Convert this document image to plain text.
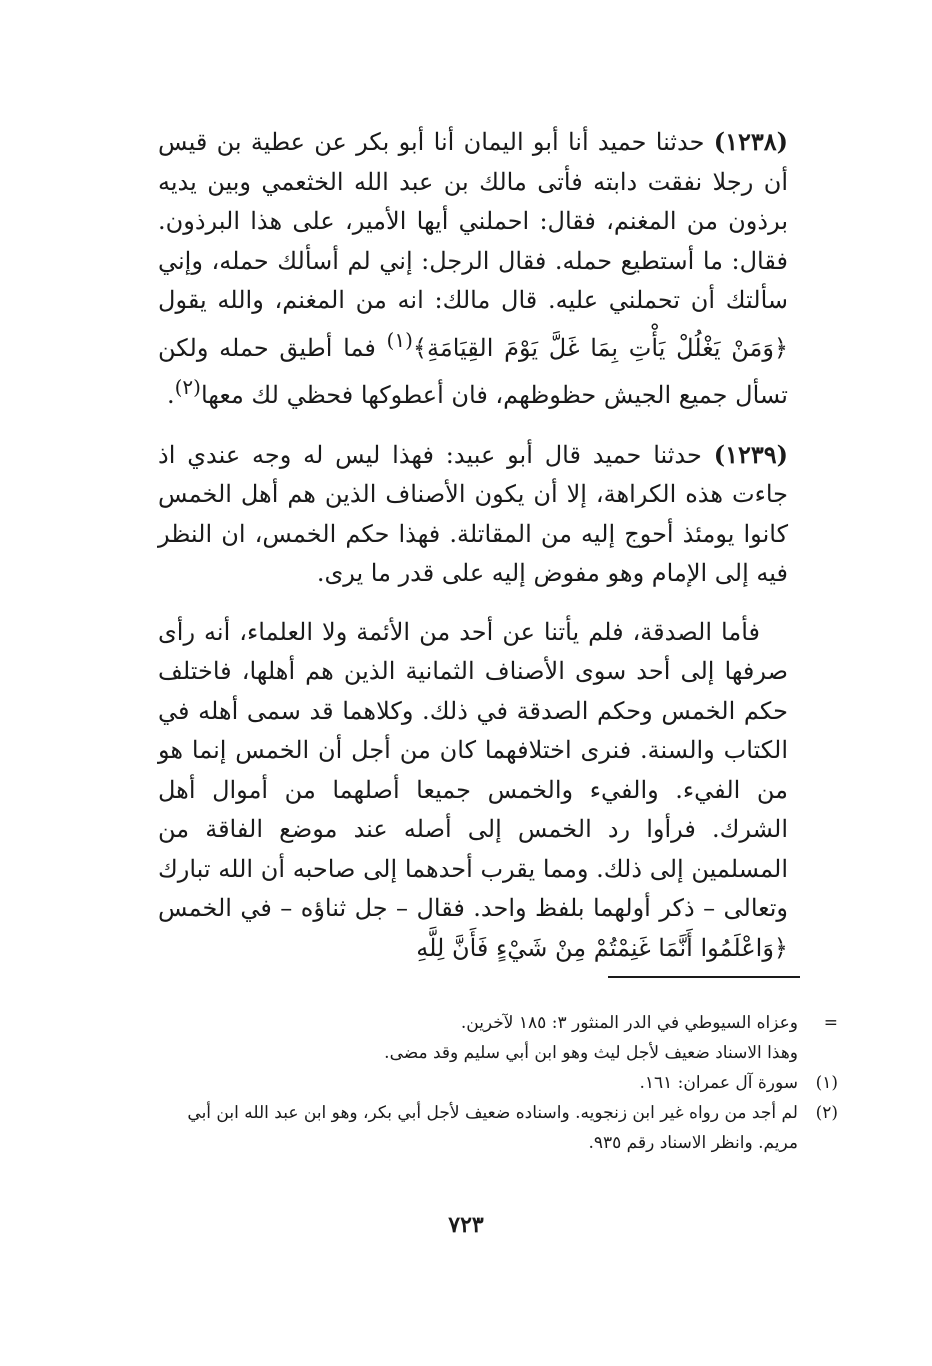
(١٢٣٨) حدثنا حميد أنا أبو اليمان أنا أبو بكر عن عطية بن قيس أن رجلا نفقت دابته فأتى مالك بن عبد الله الخثعمي وبين يديه برذون من المغنم، فقال: احملني أيها الأمير، على هذا البرذون. فقال: ما أستطيع حمله. فقال الرجل: إني لم أسألك حمله، وإني سألتك أن تحملني عليه. قال مالك: انه من المغنم، والله يقول ﴿وَمَنْ يَغْلُلْ يَأْتِ بِمَا غَلَّ يَوْمَ القِيَامَةِ﴾$^{(١)}$ فما أطيق حمله ولكن تسأل جميع الجيش حظوظهم، فان أعطوكها فحظي لك معها$^{(٢)}$.

(١٢٣٩) حدثنا حميد قال أبو عبيد: فهذا ليس له وجه عندي اذ جاءت هذه الكراهة، إلا أن يكون الأصناف الذين هم أهل الخمس كانوا يومئذ أحوج إليه من المقاتلة. فهذا حكم الخمس، ان النظر فيه إلى الإمام وهو مفوض إليه على قدر ما يرى.

فأما الصدقة، فلم يأتنا عن أحد من الأئمة ولا العلماء، أنه رأى صرفها إلى أحد سوى الأصناف الثمانية الذين هم أهلها، فاختلف حكم الخمس وحكم الصدقة في ذلك. وكلاهما قد سمى أهله في الكتاب والسنة. فنرى اختلافهما كان من أجل أن الخمس إنما هو من الفيء. والفيء والخمس جميعا أصلهما من أموال أهل الشرك. فرأوا رد الخمس إلى أصله عند موضع الفاقة من المسلمين إلى ذلك. ومما يقرب أحدهما إلى صاحبه أن الله تبارك وتعالى – ذكر أولهما بلفظ واحد. فقال – جل ثناؤه – في الخمس ﴿وَاعْلَمُوا أَنَّمَا غَنِمْتُمْ مِنْ شَيْءٍ فَأَنَّ لِلَّهِ

=
وعزاه السيوطي في الدر المنثور ٣: ١٨٥ لآخرين.
وهذا الاسناد ضعيف لأجل ليث وهو ابن أبي سليم وقد مضى.
(١)
سورة آل عمران: ١٦١.
(٢)
لم أجد من رواه غير ابن زنجويه. واسناده ضعيف لأجل أبي بكر، وهو ابن عبد الله ابن أبي مريم. وانظر الاسناد رقم ٩٣٥.
٧٢٣
